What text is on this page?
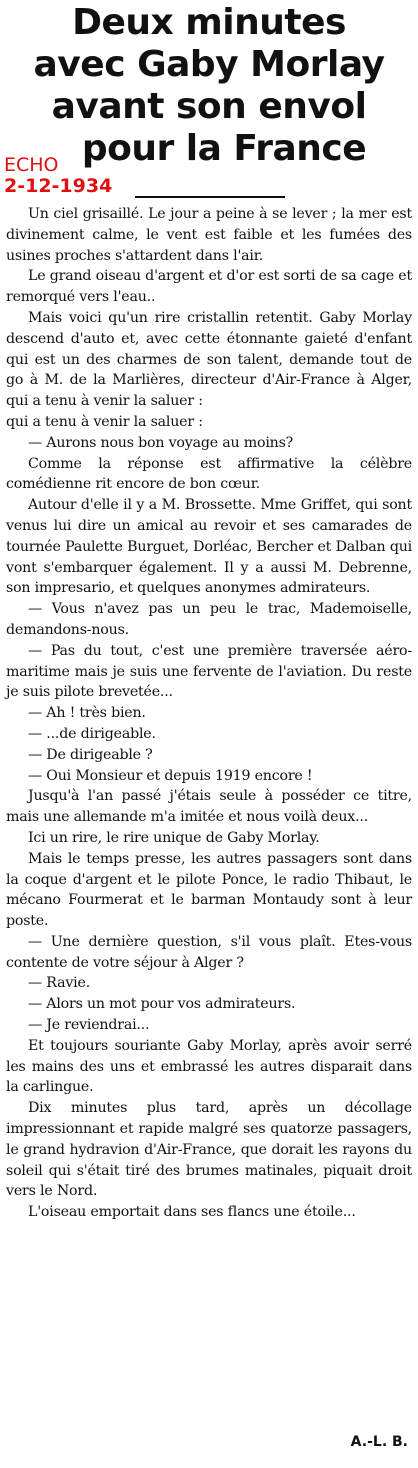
Deux minutes
avec Gaby Morlay
avant son envol
pour la France
ECHO
2-12-1934

Un ciel grisaillé. Le jour a peine à se lever ; la mer est divinement calme, le vent est faible et les fumées des usines proches s'attardent dans l'air.

Le grand oiseau d'argent et d'or est sorti de sa cage et remorqué vers l'eau..

Mais voici qu'un rire cristallin retentit. Gaby Morlay descend d'auto et, avec cette étonnante gaieté d'enfant qui est un des charmes de son talent, demande tout de go à M. de la Marlières, directeur d'Air-France à Alger, qui a tenu à venir la saluer :

qui a tenu à venir la saluer :

— Aurons nous bon voyage au moins?

Comme la réponse est affirmative la célèbre comédienne rit encore de bon cœur.

Autour d'elle il y a M. Brossette. Mme Griffet, qui sont venus lui dire un amical au revoir et ses camarades de tournée Paulette Burguet, Dorléac, Bercher et Dalban qui vont s'embarquer également. Il y a aussi M. Debrenne, son impresario, et quelques anonymes admirateurs.

— Vous n'avez pas un peu le trac, Mademoiselle, demandons-nous.

— Pas du tout, c'est une première traversée aéro-maritime mais je suis une fervente de l'aviation. Du reste je suis pilote brevetée...

— Ah ! très bien.

— ...de dirigeable.

— De dirigeable ?

— Oui Monsieur et depuis 1919 encore !

Jusqu'à l'an passé j'étais seule à posséder ce titre, mais une allemande m'a imitée et nous voilà deux...

Ici un rire, le rire unique de Gaby Morlay.

Mais le temps presse, les autres passagers sont dans la coque d'argent et le pilote Ponce, le radio Thibaut, le mécano Fourmerat et le barman Montaudy sont à leur poste.

— Une dernière question, s'il vous plaît. Etes-vous contente de votre séjour à Alger ?

— Ravie.

— Alors un mot pour vos admirateurs.

— Je reviendrai...

Et toujours souriante Gaby Morlay, après avoir serré les mains des uns et embrassé les autres disparait dans la carlingue.

Dix minutes plus tard, après un décollage impressionnant et rapide malgré ses quatorze passagers, le grand hydravion d'Air-France, que dorait les rayons du soleil qui s'était tiré des brumes matinales, piquait droit vers le Nord.

L'oiseau emportait dans ses flancs une étoile...

A.-L. B.
